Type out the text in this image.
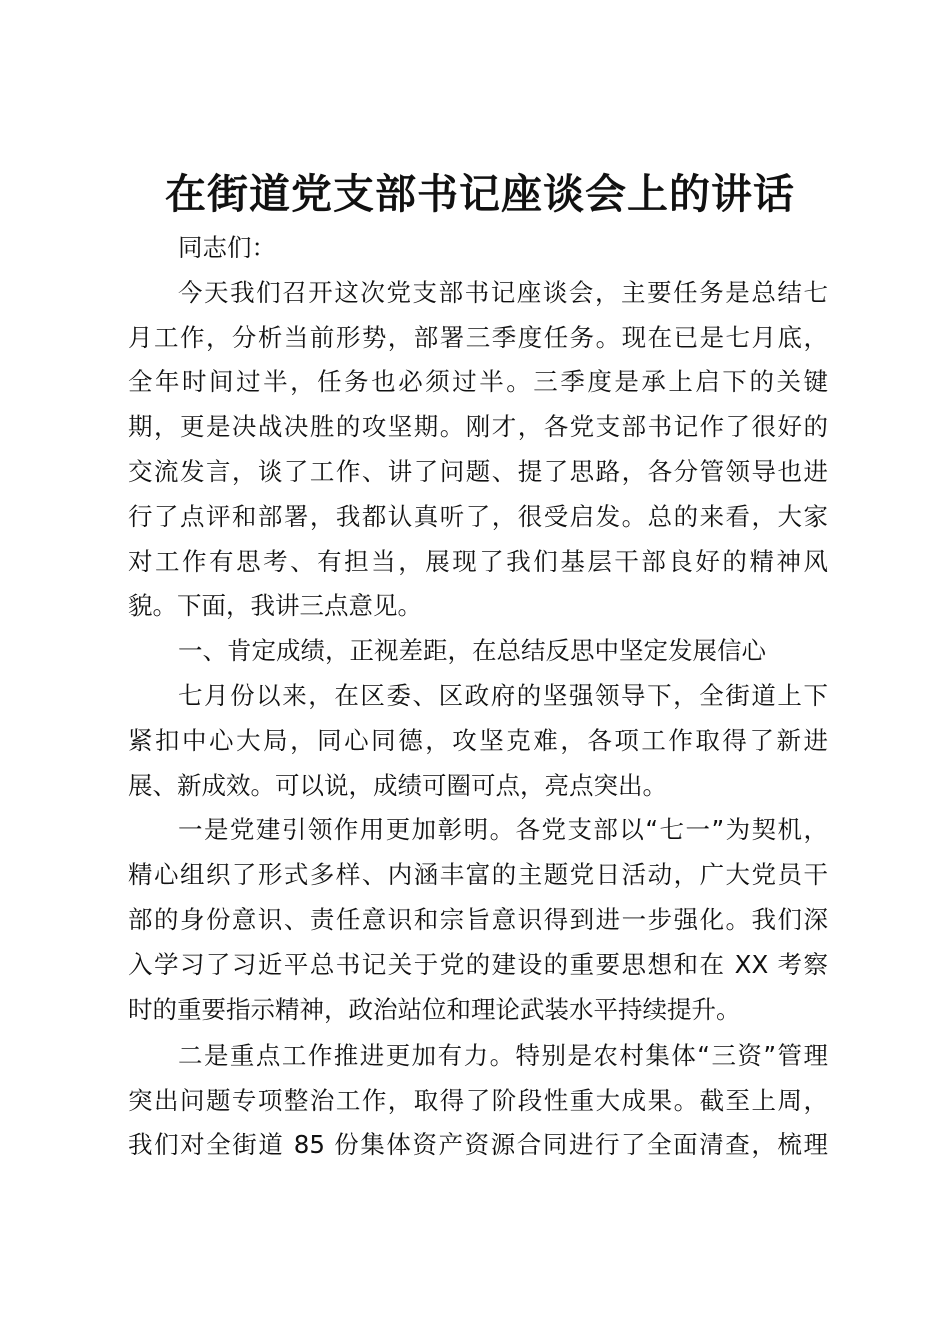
在街道党支部书记座谈会上的讲话

同志们：

今天我们召开这次党支部书记座谈会，主要任务是总结七

月工作，分析当前形势，部署三季度任务。现在已是七月底，

全年时间过半，任务也必须过半。三季度是承上启下的关键

期，更是决战决胜的攻坚期。刚才，各党支部书记作了很好的

交流发言，谈了工作、讲了问题、提了思路，各分管领导也进

行了点评和部署，我都认真听了，很受启发。总的来看，大家

对工作有思考、有担当，展现了我们基层干部良好的精神风

貌。下面，我讲三点意见。

一、肯定成绩，正视差距，在总结反思中坚定发展信心

七月份以来，在区委、区政府的坚强领导下，全街道上下

紧扣中心大局，同心同德，攻坚克难，各项工作取得了新进

展、新成效。可以说，成绩可圈可点，亮点突出。

一是党建引领作用更加彰明。各党支部以“七一”为契机，

精心组织了形式多样、内涵丰富的主题党日活动，广大党员干

部的身份意识、责任意识和宗旨意识得到进一步强化。我们深

入学习了习近平总书记关于党的建设的重要思想和在 XX 考察

时的重要指示精神，政治站位和理论武装水平持续提升。

二是重点工作推进更加有力。特别是农村集体“三资”管理

突出问题专项整治工作，取得了阶段性重大成果。截至上周，

我们对全街道 85 份集体资产资源合同进行了全面清查，梳理
